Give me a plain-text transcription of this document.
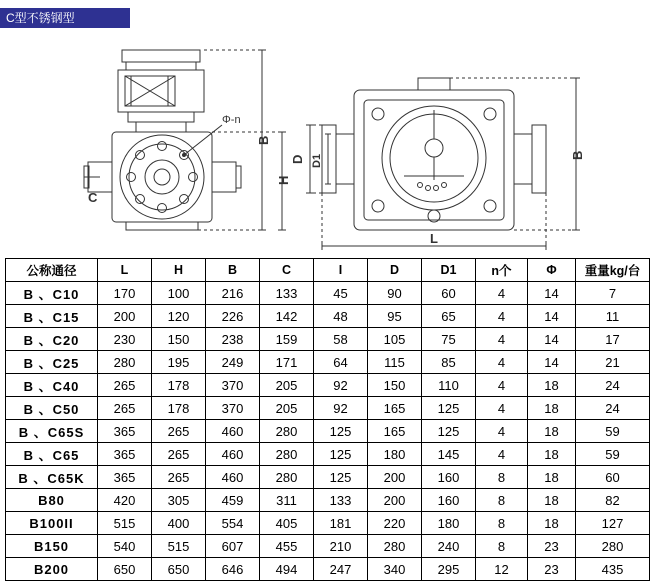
C型不锈钢型
Φ-n
B
H
C
D D1	B
L
公称通径	L	H	B	C	I	D	D1	n个	Φ	重量kg/台
B 、C10	170	100	216	133	45	90	60	4	14	7
B 、C15	200	120	226	142	48	95	65	4	14	11
B 、C20	230	150	238	159	58	105	75	4	14	17
B 、C25	280	195	249	171	64	115	85	4	14	21
B 、C40	265	178	370	205	92	150	110	4	18	24
B 、C50	265	178	370	205	92	165	125	4	18	24
B 、C65S	365	265	460	280	125	165	125	4	18	59
B 、C65	365	265	460	280	125	180	145	4	18	59
B 、C65K	365	265	460	280	125	200	160	8	18	60
B80	420	305	459	311	133	200	160	8	18	82
B100II	515	400	554	405	181	220	180	8	18	127
B150	540	515	607	455	210	280	240	8	23	280
B200	650	650	646	494	247	340	295	12	23	435
